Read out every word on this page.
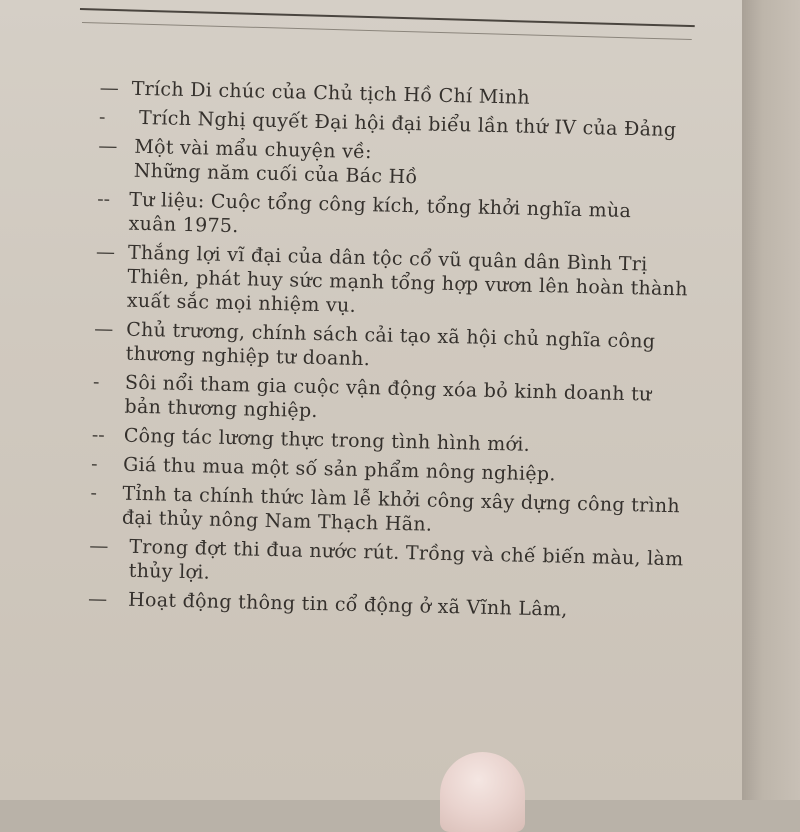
— Trích Di chúc của Chủ tịch Hồ Chí Minh
-	Trích Nghị quyết Đại hội đại biểu lần thứ IV của Đảng
— Một vài mẩu chuyện về:
Những năm cuối của Bác Hồ
-- Tư liệu: Cuộc tổng công kích, tổng khởi nghĩa mùa
xuân 1975.
— Thắng lợi vĩ đại của dân tộc cổ vũ quân dân Bình Trị
Thiên, phát huy sức mạnh tổng hợp vươn lên hoàn thành
xuất sắc mọi nhiệm vụ.
— Chủ trương, chính sách cải tạo xã hội chủ nghĩa công
thương nghiệp tư doanh.
-	Sôi nổi tham gia cuộc vận động xóa bỏ kinh doanh tư
bản thương nghiệp.
-- Công tác lương thực trong tình hình mới.
-	Giá thu mua một số sản phẩm nông nghiệp.
-	Tỉnh ta chính thức làm lễ khởi công xây dựng công trình
đại thủy nông Nam Thạch Hãn.
—	Trong đợt thi đua nước rút. Trồng và chế biến màu, làm
thủy lợi.
—	Hoạt động thông tin cổ động ở xã Vĩnh Lâm,
